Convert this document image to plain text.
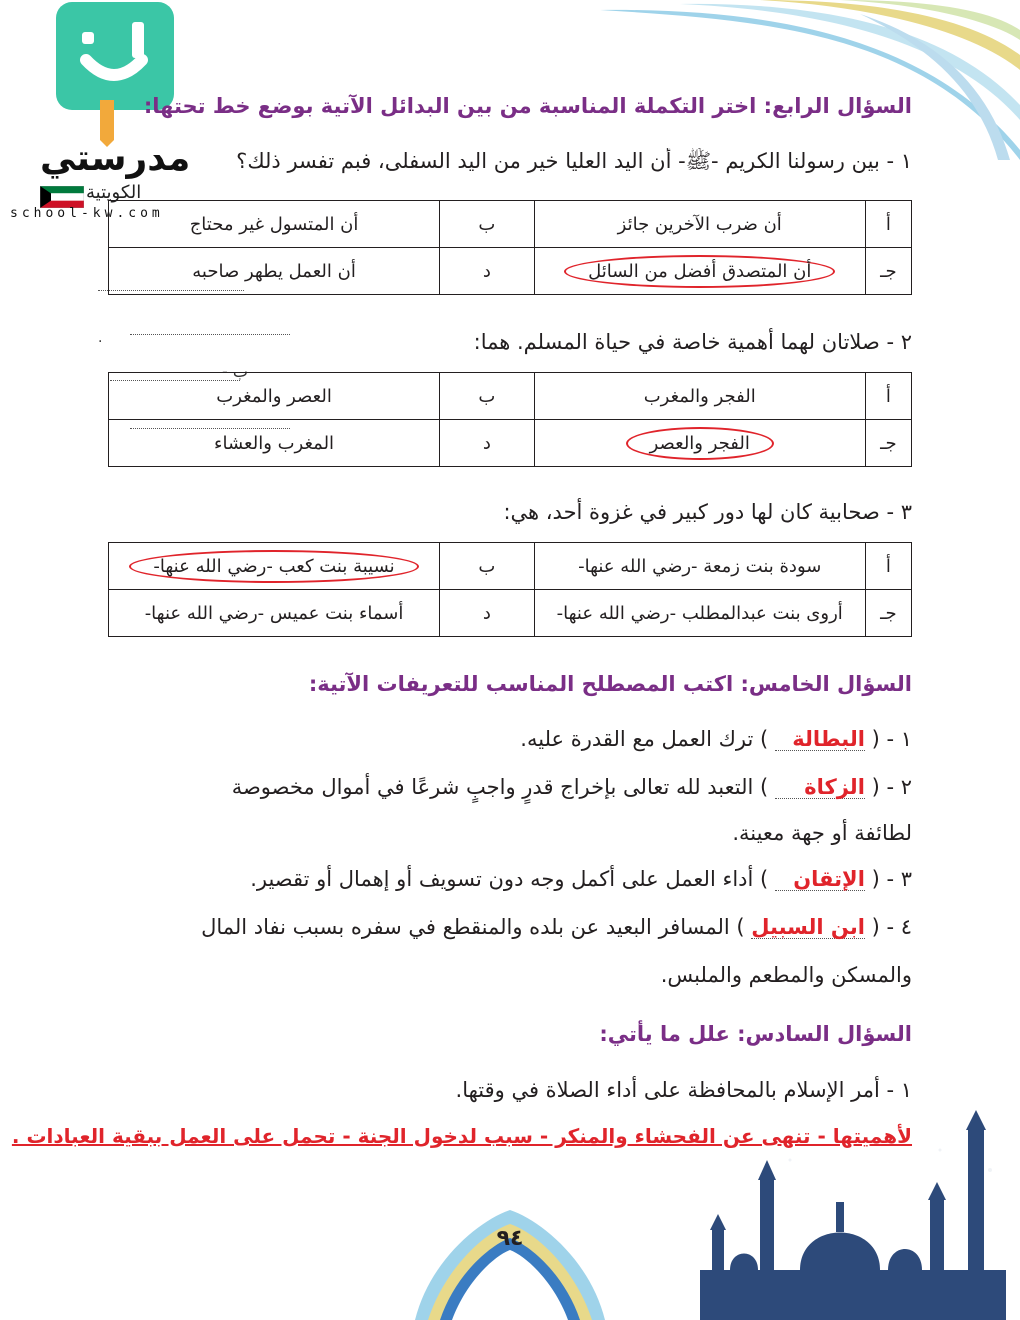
مدرستي
الكويتية
school-kw.com
السؤال الرابع: اختر التكملة المناسبة من بين البدائل الآتية بوضع خط تحتها:
١ - بين رسولنا الكريم -ﷺ- أن اليد العليا خير من اليد السفلى، فبم تفسر ذلك؟
أ	أن ضرب الآخرين جائز	ب	أن المتسول غير محتاج
جـ	أن المتصدق أفضل من السائل	د	أن العمل يطهر صاحبه
.	٢ - صلاتان لهما أهمية خاصة في حياة المسلم. هما:
ب -
أ	الفجر والمغرب	ب	العصر والمغرب
جـ	الفجر والعصر	د	المغرب والعشاء
٣ - صحابية كان لها دور كبير في غزوة أحد، هي:
أ	سودة بنت زمعة -رضي الله عنها-	ب	نسيبة بنت كعب -رضي الله عنها-
جـ	أروى بنت عبدالمطلب -رضي الله عنها-	د	أسماء بنت عميس -رضي الله عنها-
السؤال الخامس: اكتب المصطلح المناسب للتعريفات الآتية:
١ - ( البطالة ) ترك العمل مع القدرة عليه.
٢ - ( الزكاة ) التعبد لله تعالى بإخراج قدرٍ واجبٍ شرعًا في أموال مخصوصة
لطائفة أو جهة معينة.
٣ - ( الإتقان ) أداء العمل على أكمل وجه دون تسويف أو إهمال أو تقصير.
٤ - ( ابن السبيل ) المسافر البعيد عن بلده والمنقطع في سفره بسبب نفاد المال
والمسكن والمطعم والملبس.
السؤال السادس: علل ما يأتي:
١ - أمر الإسلام بالمحافظة على أداء الصلاة في وقتها.
لأهميتها - تنهى عن الفحشاء والمنكر - سبب لدخول الجنة - تحمل على العمل ببقية العبادات .
٩٤
